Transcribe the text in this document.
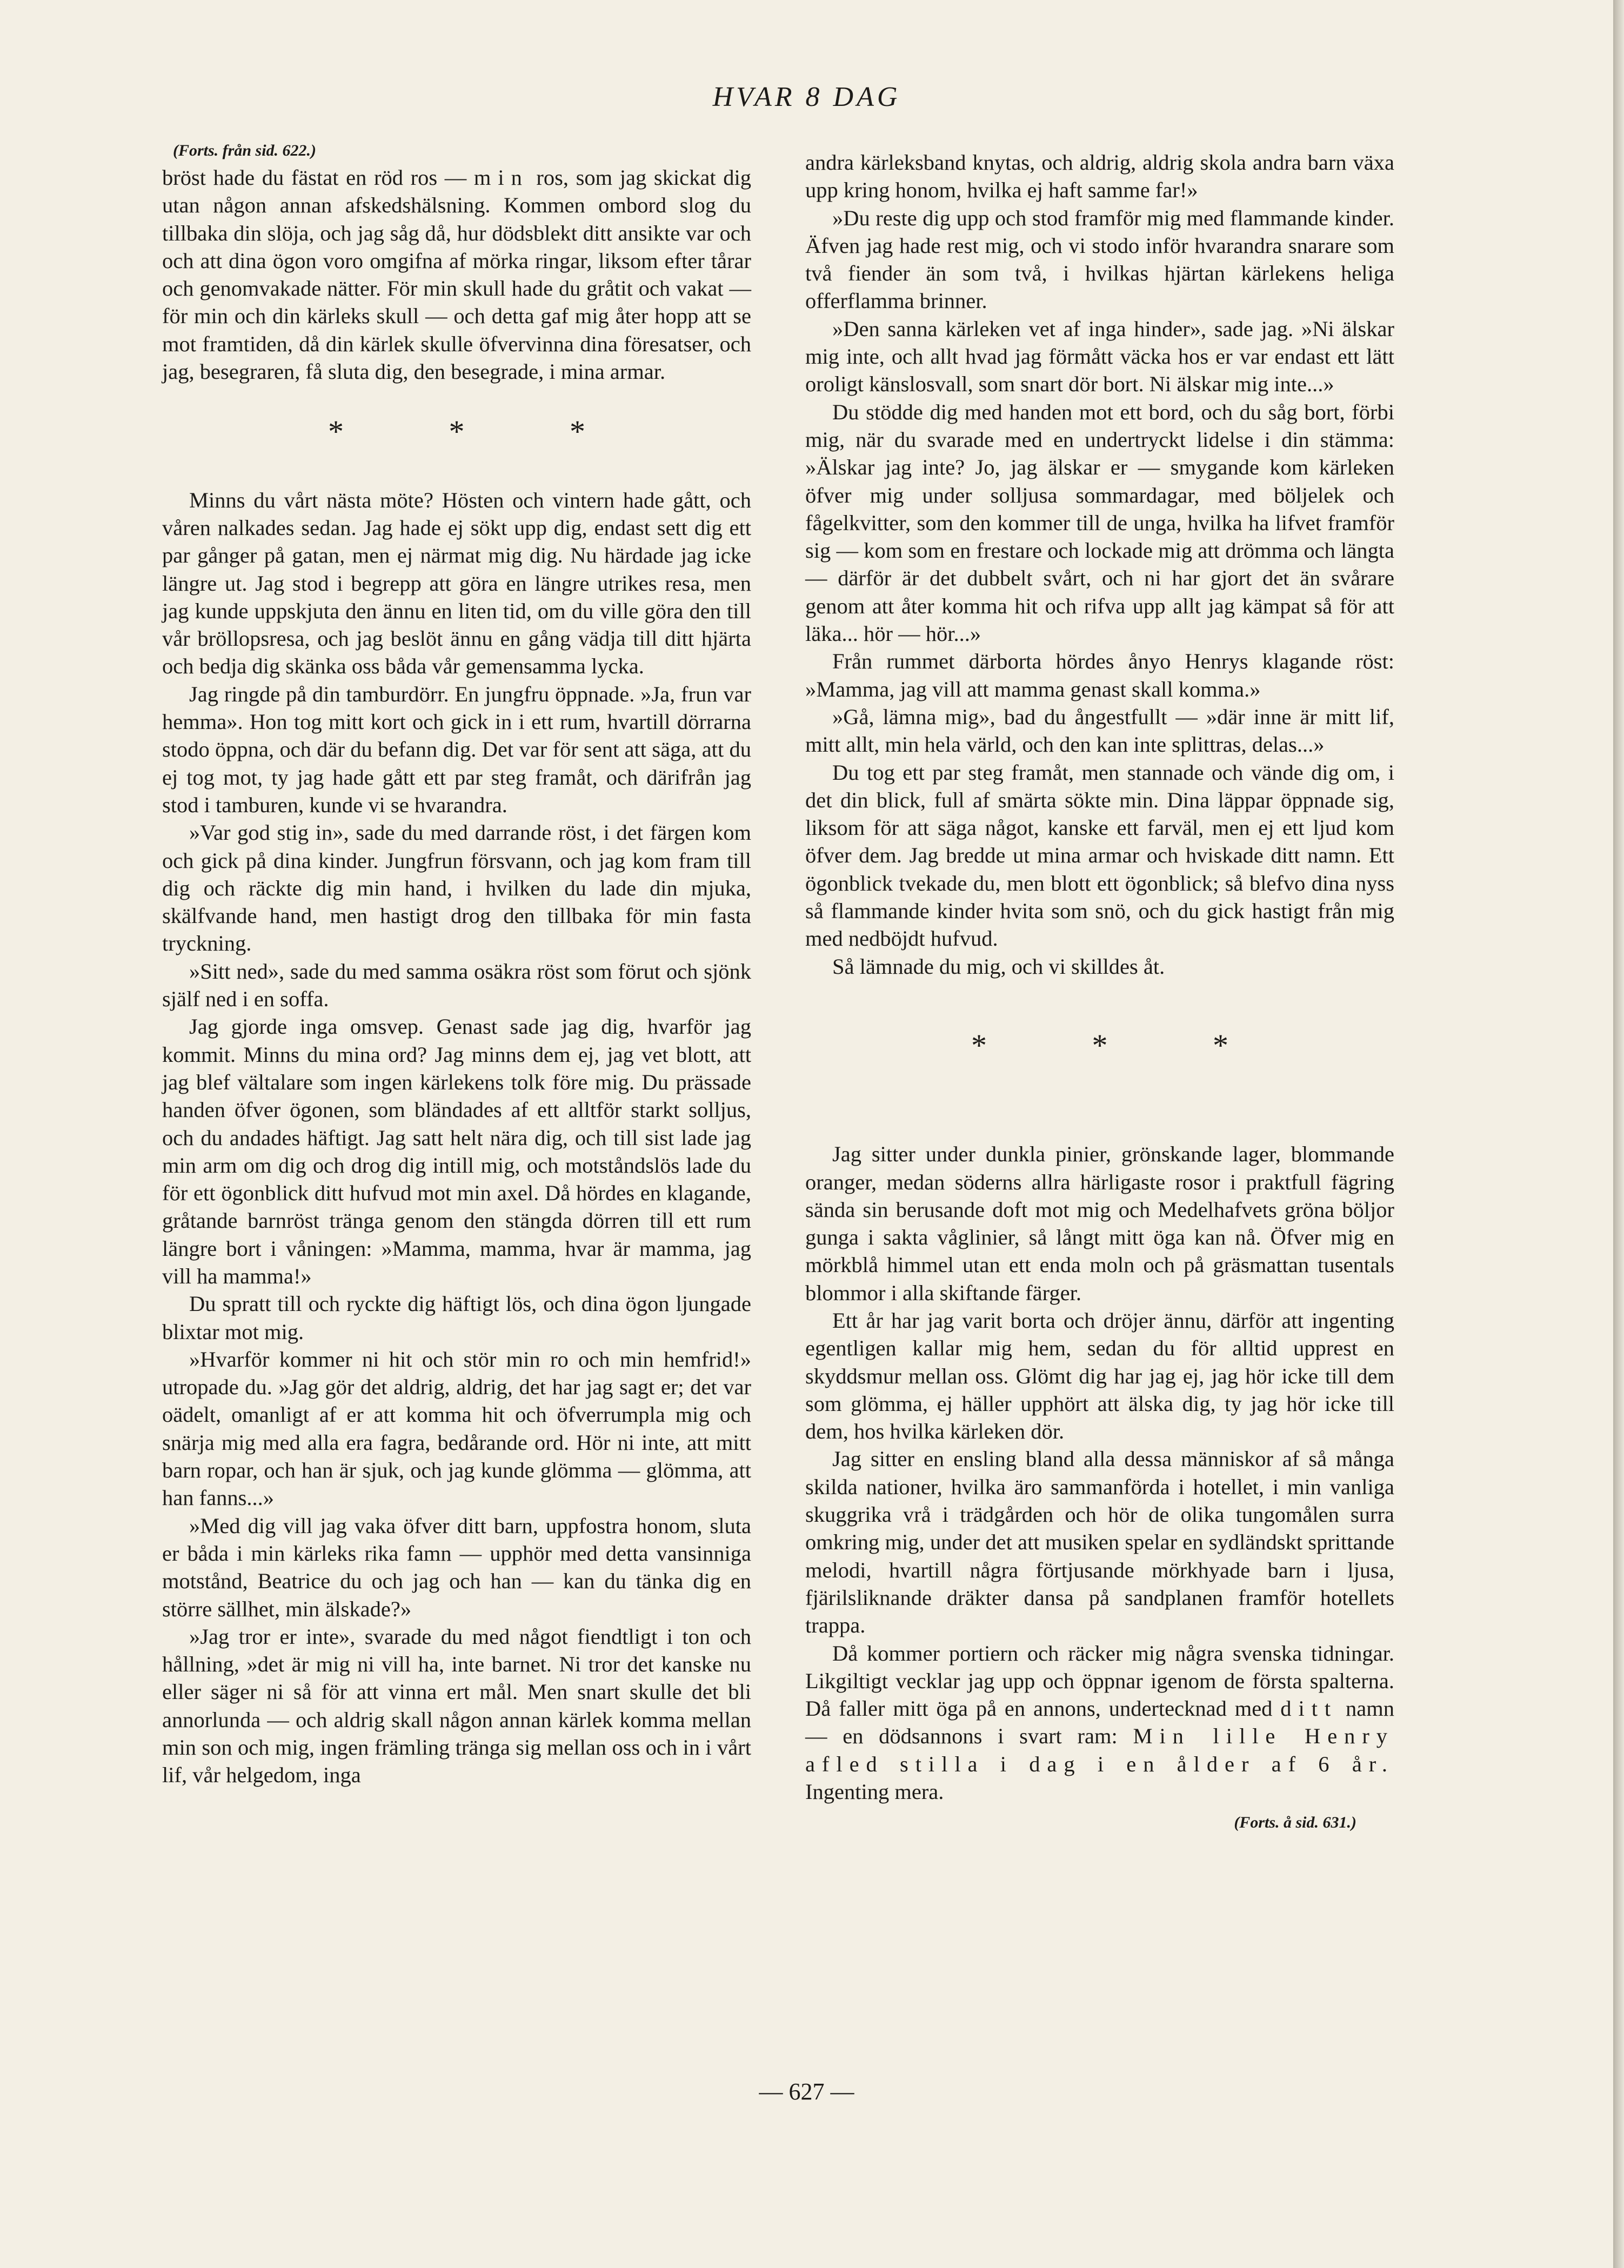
HVAR 8 DAG
(Forts. från sid. 622.)

bröst hade du fästat en röd ros — min ros, som jag skickat dig utan någon annan afskedshälsning. Kommen ombord slog du tillbaka din slöja, och jag såg då, hur dödsblekt ditt ansikte var och och att dina ögon voro omgifna af mörka ringar, liksom efter tårar och genomvakade nätter. För min skull hade du gråtit och vakat — för min och din kärleks skull — och detta gaf mig åter hopp att se mot framtiden, då din kärlek skulle öfvervinna dina föresatser, och jag, besegraren, få sluta dig, den besegrade, i mina armar.

* * *

Minns du vårt nästa möte? Hösten och vintern hade gått, och våren nalkades sedan. Jag hade ej sökt upp dig, endast sett dig ett par gånger på gatan, men ej närmat mig dig. Nu härdade jag icke längre ut. Jag stod i begrepp att göra en längre utrikes resa, men jag kunde uppskjuta den ännu en liten tid, om du ville göra den till vår bröllopsresa, och jag beslöt ännu en gång vädja till ditt hjärta och bedja dig skänka oss båda vår gemensamma lycka.

Jag ringde på din tamburdörr. En jungfru öppnade. »Ja, frun var hemma». Hon tog mitt kort och gick in i ett rum, hvartill dörrarna stodo öppna, och där du befann dig. Det var för sent att säga, att du ej tog mot, ty jag hade gått ett par steg framåt, och därifrån jag stod i tamburen, kunde vi se hvarandra.

»Var god stig in», sade du med darrande röst, i det färgen kom och gick på dina kinder. Jungfrun försvann, och jag kom fram till dig och räckte dig min hand, i hvilken du lade din mjuka, skälfvande hand, men hastigt drog den tillbaka för min fasta tryckning.

»Sitt ned», sade du med samma osäkra röst som förut och sjönk själf ned i en soffa.

Jag gjorde inga omsvep. Genast sade jag dig, hvarför jag kommit. Minns du mina ord? Jag minns dem ej, jag vet blott, att jag blef vältalare som ingen kärlekens tolk före mig. Du prässade handen öfver ögonen, som bländades af ett alltför starkt solljus, och du andades häftigt. Jag satt helt nära dig, och till sist lade jag min arm om dig och drog dig intill mig, och motståndslös lade du för ett ögonblick ditt hufvud mot min axel. Då hördes en klagande, gråtande barnröst tränga genom den stängda dörren till ett rum längre bort i våningen: »Mamma, mamma, hvar är mamma, jag vill ha mamma!»

Du spratt till och ryckte dig häftigt lös, och dina ögon ljungade blixtar mot mig.

»Hvarför kommer ni hit och stör min ro och min hemfrid!» utropade du. »Jag gör det aldrig, aldrig, det har jag sagt er; det var oädelt, omanligt af er att komma hit och öfverrumpla mig och snärja mig med alla era fagra, bedårande ord. Hör ni inte, att mitt barn ropar, och han är sjuk, och jag kunde glömma — glömma, att han fanns...»

»Med dig vill jag vaka öfver ditt barn, uppfostra honom, sluta er båda i min kärleks rika famn — upphör med detta vansinniga motstånd, Beatrice du och jag och han — kan du tänka dig en större sällhet, min älskade?»

»Jag tror er inte», svarade du med något fiendtligt i ton och hållning, »det är mig ni vill ha, inte barnet. Ni tror det kanske nu eller säger ni så för att vinna ert mål. Men snart skulle det bli annorlunda — och aldrig skall någon annan kärlek komma mellan min son och mig, ingen främling tränga sig mellan oss och in i vårt lif, vår helgedom, inga

andra kärleksband knytas, och aldrig, aldrig skola andra barn växa upp kring honom, hvilka ej haft samme far!»

»Du reste dig upp och stod framför mig med flammande kinder. Äfven jag hade rest mig, och vi stodo inför hvarandra snarare som två fiender än som två, i hvilkas hjärtan kärlekens heliga offerflamma brinner.

»Den sanna kärleken vet af inga hinder», sade jag. »Ni älskar mig inte, och allt hvad jag förmått väcka hos er var endast ett lätt oroligt känslosvall, som snart dör bort. Ni älskar mig inte...»

Du stödde dig med handen mot ett bord, och du såg bort, förbi mig, när du svarade med en undertryckt lidelse i din stämma: »Älskar jag inte? Jo, jag älskar er — smygande kom kärleken öfver mig under solljusa sommardagar, med böljelek och fågelkvitter, som den kommer till de unga, hvilka ha lifvet framför sig — kom som en frestare och lockade mig att drömma och längta — därför är det dubbelt svårt, och ni har gjort det än svårare genom att åter komma hit och rifva upp allt jag kämpat så för att läka... hör — hör...»

Från rummet därborta hördes ånyo Henrys klagande röst: »Mamma, jag vill att mamma genast skall komma.»

»Gå, lämna mig», bad du ångestfullt — »där inne är mitt lif, mitt allt, min hela värld, och den kan inte splittras, delas...»

Du tog ett par steg framåt, men stannade och vände dig om, i det din blick, full af smärta sökte min. Dina läppar öppnade sig, liksom för att säga något, kanske ett farväl, men ej ett ljud kom öfver dem. Jag bredde ut mina armar och hviskade ditt namn. Ett ögonblick tvekade du, men blott ett ögonblick; så blefvo dina nyss så flammande kinder hvita som snö, och du gick hastigt från mig med nedböjdt hufvud.

Så lämnade du mig, och vi skilldes åt.

* * *

Jag sitter under dunkla pinier, grönskande lager, blommande oranger, medan söderns allra härligaste rosor i praktfull fägring sända sin berusande doft mot mig och Medelhafvets gröna böljor gunga i sakta våglinier, så långt mitt öga kan nå. Öfver mig en mörkblå himmel utan ett enda moln och på gräsmattan tusentals blommor i alla skiftande färger.

Ett år har jag varit borta och dröjer ännu, därför att ingenting egentligen kallar mig hem, sedan du för alltid upprest en skyddsmur mellan oss. Glömt dig har jag ej, jag hör icke till dem som glömma, ej häller upphört att älska dig, ty jag hör icke till dem, hos hvilka kärleken dör.

Jag sitter en ensling bland alla dessa människor af så många skilda nationer, hvilka äro sammanförda i hotellet, i min vanliga skuggrika vrå i trädgården och hör de olika tungomålen surra omkring mig, under det att musiken spelar en sydländskt sprittande melodi, hvartill några förtjusande mörkhyade barn i ljusa, fjärilsliknande dräkter dansa på sandplanen framför hotellets trappa.

Då kommer portiern och räcker mig några svenska tidningar. Likgiltigt vecklar jag upp och öppnar igenom de första spalterna. Då faller mitt öga på en annons, undertecknad med ditt namn — en dödsannons i svart ram: Min lille Henry afled stilla i dag i en ålder af 6 år. Ingenting mera.

(Forts. å sid. 631.)
— 627 —
